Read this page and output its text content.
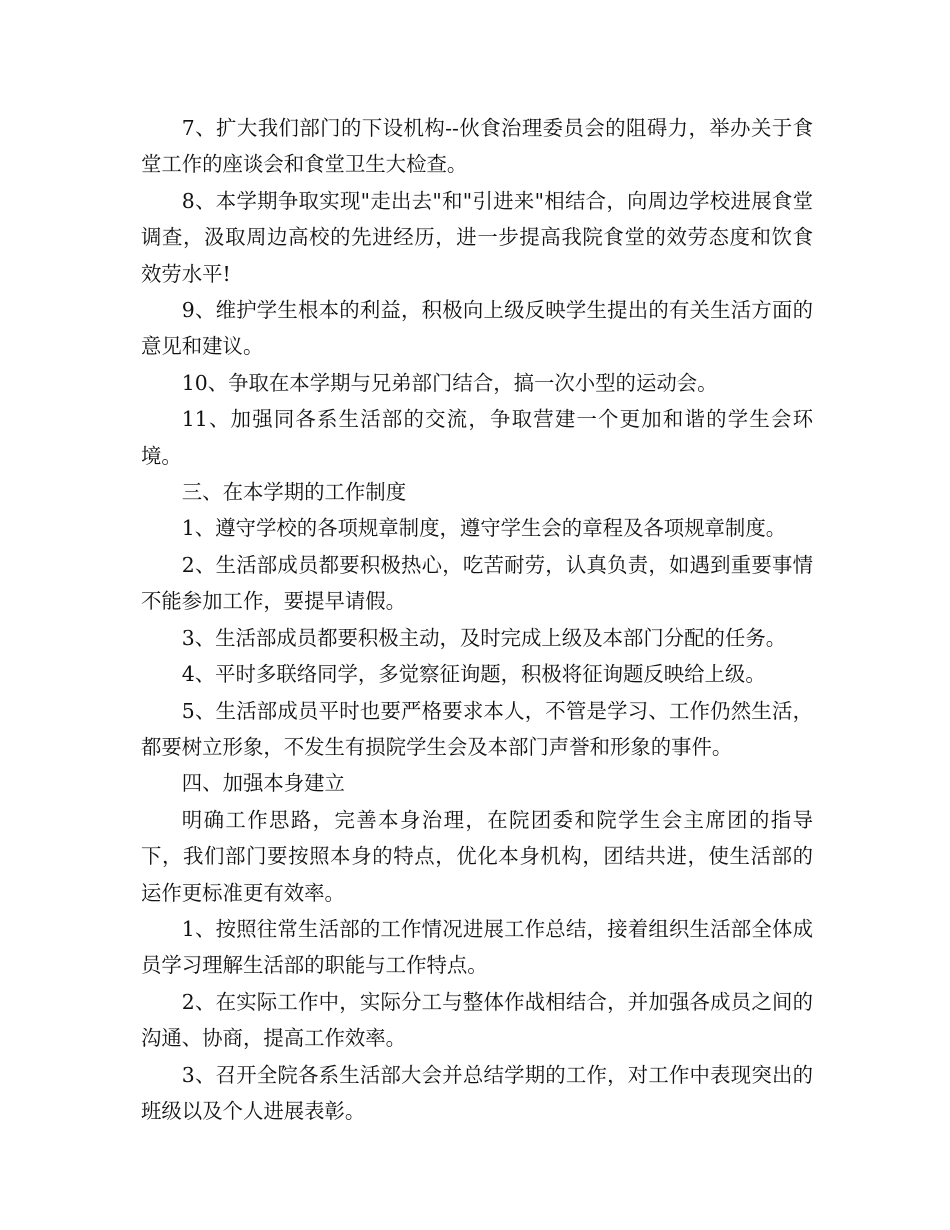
7、扩大我们部门的下设机构--伙食治理委员会的阻碍力，举办关于食堂工作的座谈会和食堂卫生大检查。

8、本学期争取实现"走出去"和"引进来"相结合，向周边学校进展食堂调查，汲取周边高校的先进经历，进一步提高我院食堂的效劳态度和饮食效劳水平!

9、维护学生根本的利益，积极向上级反映学生提出的有关生活方面的意见和建议。

10、争取在本学期与兄弟部门结合，搞一次小型的运动会。

11、加强同各系生活部的交流，争取营建一个更加和谐的学生会环境。

三、在本学期的工作制度

1、遵守学校的各项规章制度，遵守学生会的章程及各项规章制度。

2、生活部成员都要积极热心，吃苦耐劳，认真负责，如遇到重要事情不能参加工作，要提早请假。

3、生活部成员都要积极主动，及时完成上级及本部门分配的任务。

4、平时多联络同学，多觉察征询题，积极将征询题反映给上级。

5、生活部成员平时也要严格要求本人，不管是学习、工作仍然生活，都要树立形象，不发生有损院学生会及本部门声誉和形象的事件。

四、加强本身建立

明确工作思路，完善本身治理，在院团委和院学生会主席团的指导下，我们部门要按照本身的特点，优化本身机构，团结共进，使生活部的运作更标准更有效率。

1、按照往常生活部的工作情况进展工作总结，接着组织生活部全体成员学习理解生活部的职能与工作特点。

2、在实际工作中，实际分工与整体作战相结合，并加强各成员之间的沟通、协商，提高工作效率。

3、召开全院各系生活部大会并总结学期的工作，对工作中表现突出的班级以及个人进展表彰。
